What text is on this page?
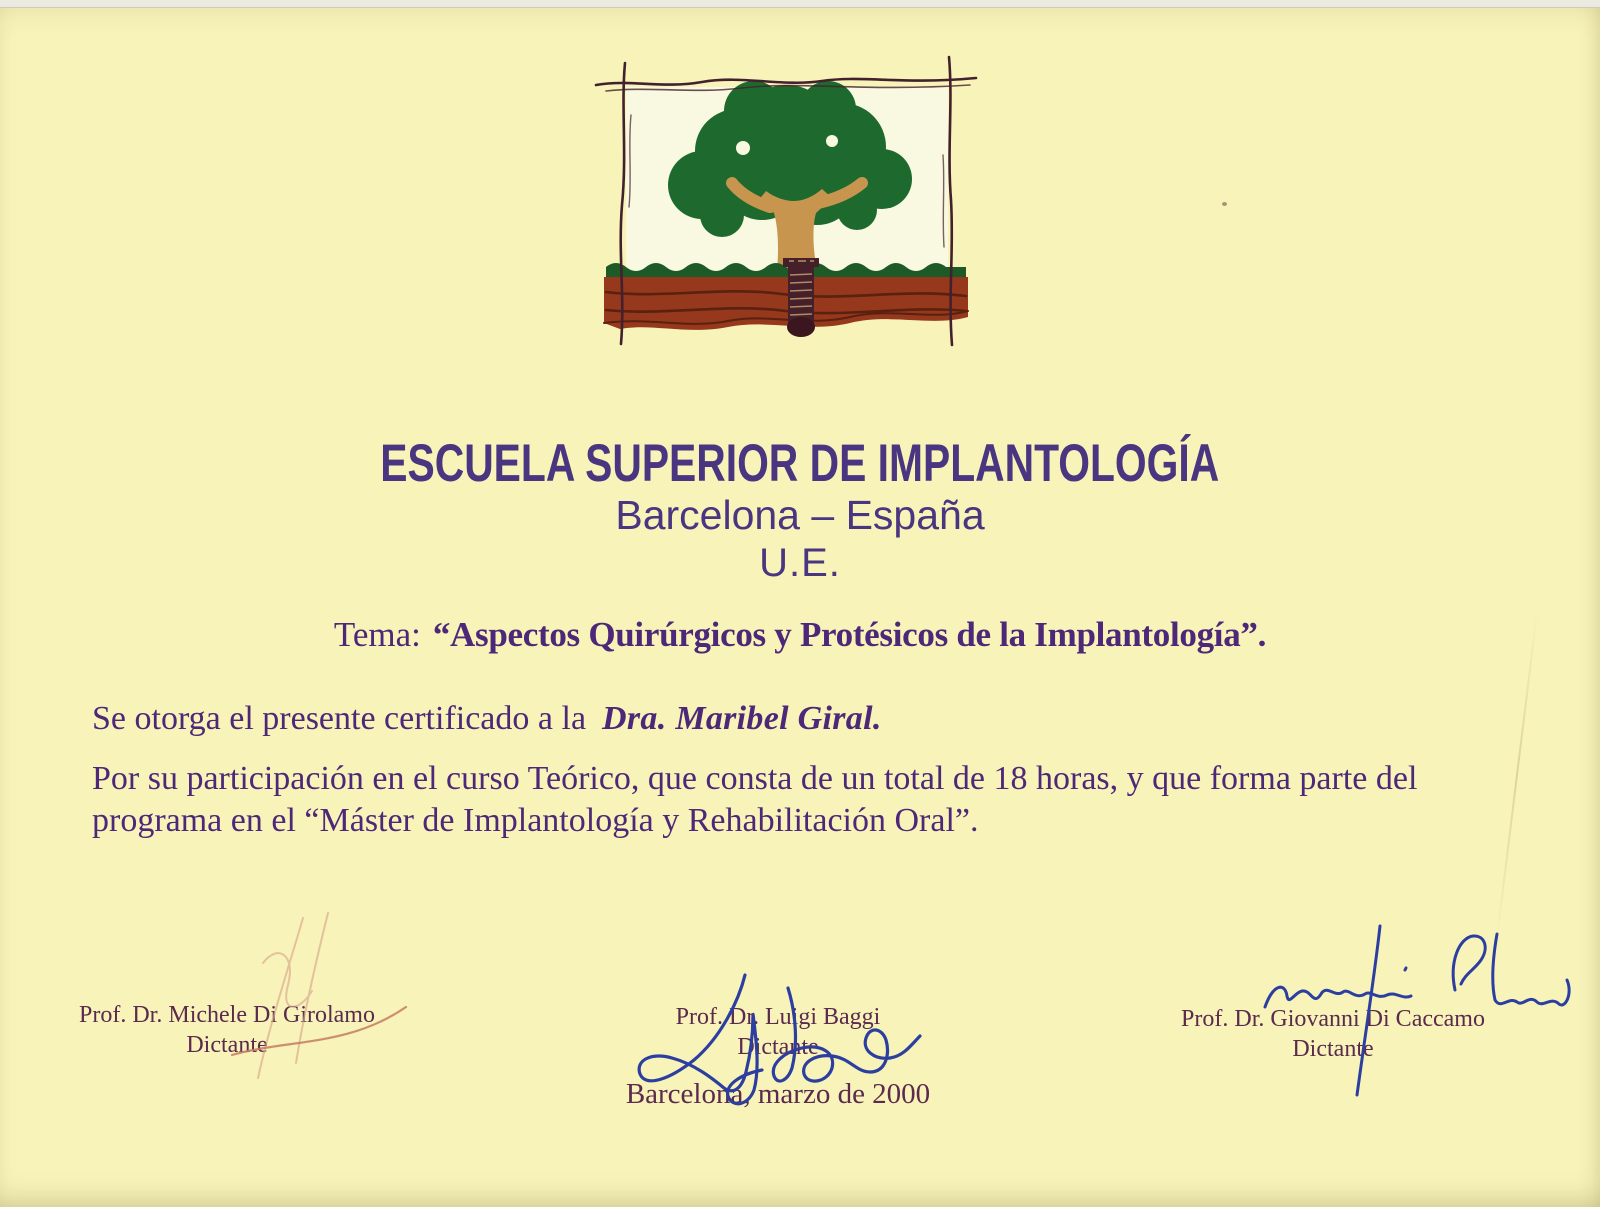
ESCUELA SUPERIOR DE IMPLANTOLOGÍA
Barcelona – España
U.E.
Tema: “Aspectos Quirúrgicos y Protésicos de la Implantología”.
Se otorga el presente certificado a la Dra. Maribel Giral.
Por su participación en el curso Teórico, que consta de un total de 18 horas, y que forma parte del programa en el “Máster de Implantología y Rehabilitación Oral”.
Prof. Dr. Michele Di Girolamo
Dictante
Prof. Dr. Luigi Baggi
Dictante
Prof. Dr. Giovanni Di Caccamo
Dictante
Barcelona, marzo de 2000
